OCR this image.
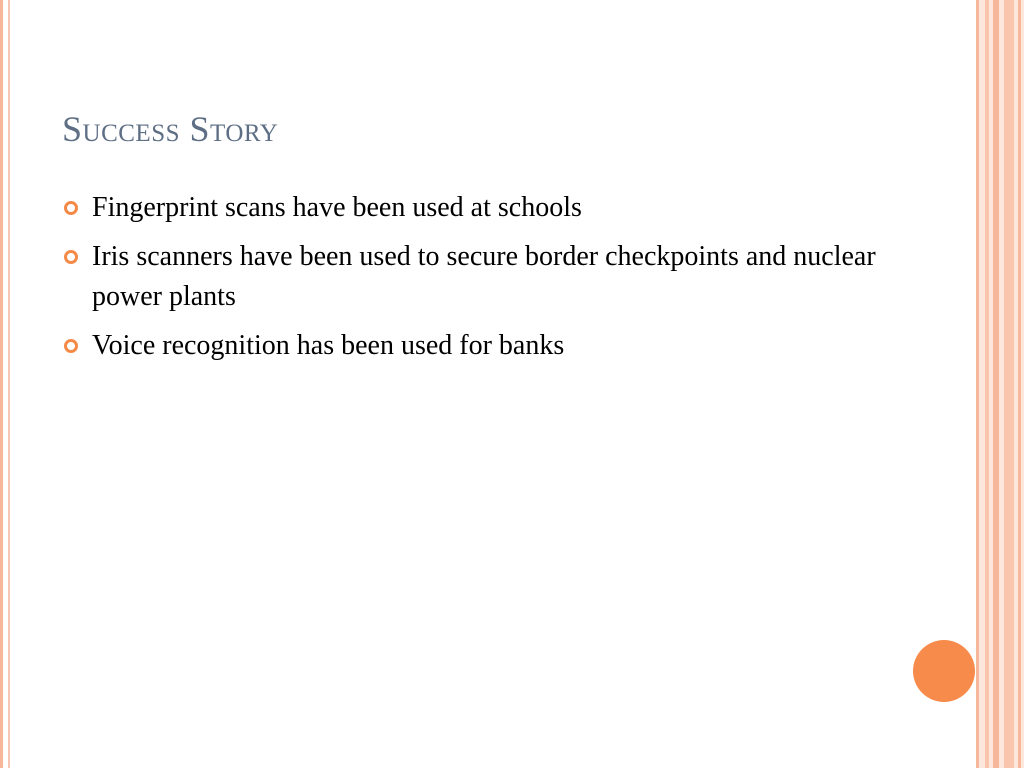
Success Story
Fingerprint scans have been used at schools
Iris scanners have been used to secure border checkpoints and nuclear power plants
Voice recognition has been used for banks
